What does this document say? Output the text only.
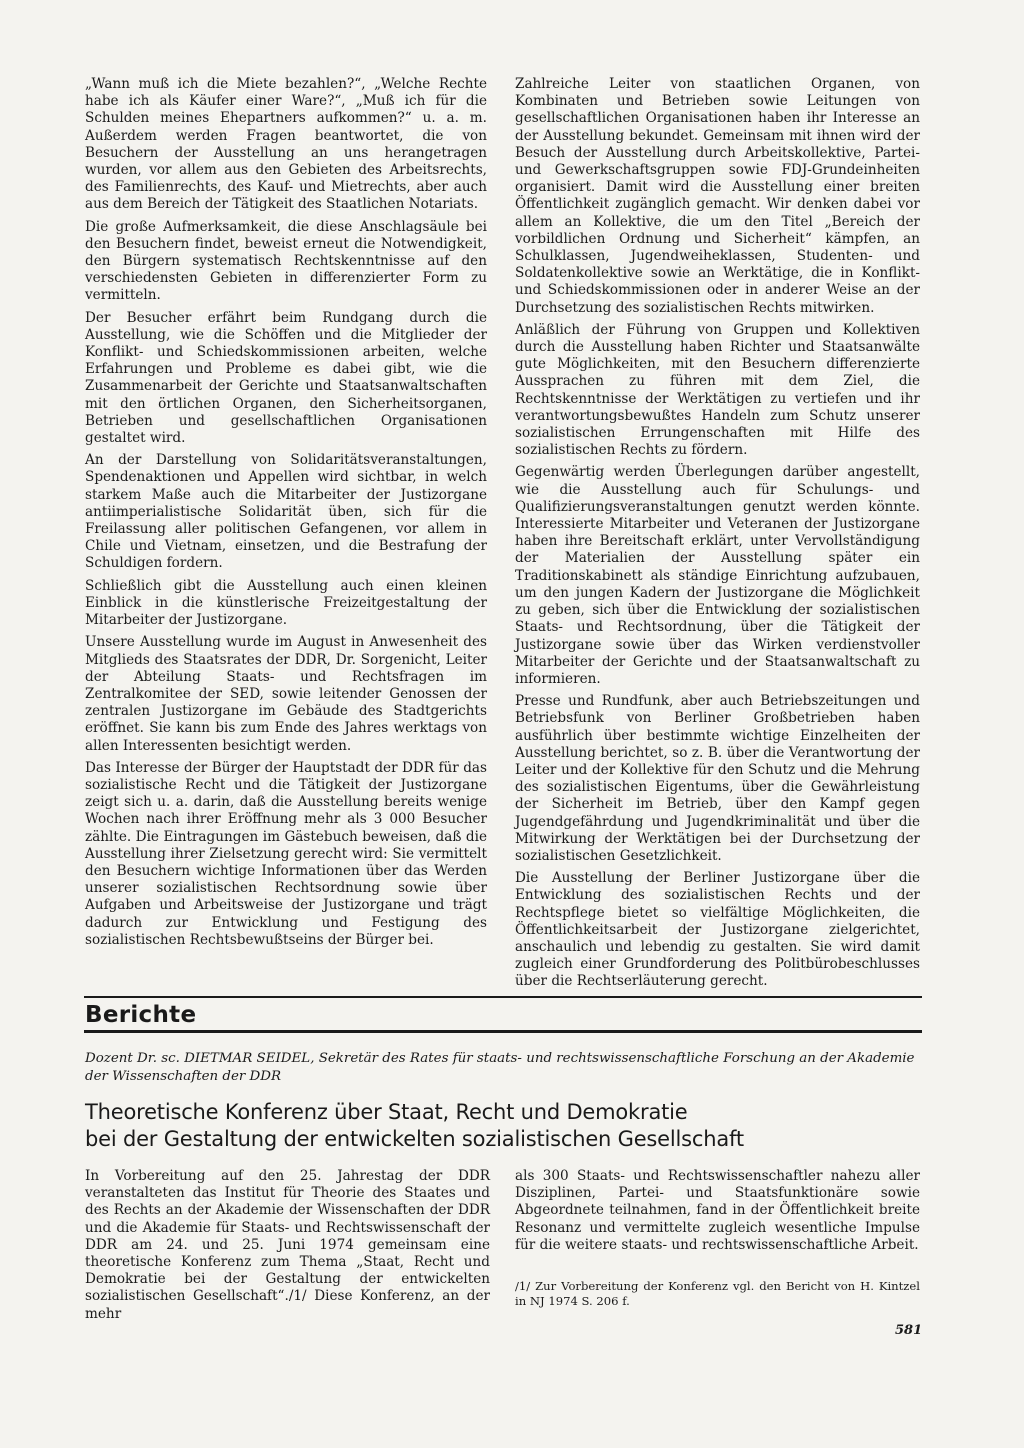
„Wann muß ich die Miete bezahlen?“, „Welche Rechte habe ich als Käufer einer Ware?“, „Muß ich für die Schulden meines Ehepartners aufkommen?“ u. a. m. Außerdem werden Fragen beantwortet, die von Besuchern der Ausstellung an uns herangetragen wurden, vor allem aus den Gebieten des Arbeitsrechts, des Familienrechts, des Kauf- und Mietrechts, aber auch aus dem Bereich der Tätigkeit des Staatlichen Notariats.

Die große Aufmerksamkeit, die diese Anschlagsäule bei den Besuchern findet, beweist erneut die Notwendigkeit, den Bürgern systematisch Rechtskenntnisse auf den verschiedensten Gebieten in differenzierter Form zu vermitteln.

Der Besucher erfährt beim Rundgang durch die Ausstellung, wie die Schöffen und die Mitglieder der Konflikt- und Schiedskommissionen arbeiten, welche Erfahrungen und Probleme es dabei gibt, wie die Zusammenarbeit der Gerichte und Staatsanwaltschaften mit den örtlichen Organen, den Sicherheitsorganen, Betrieben und gesellschaftlichen Organisationen gestaltet wird.

An der Darstellung von Solidaritätsveranstaltungen, Spendenaktionen und Appellen wird sichtbar, in welch starkem Maße auch die Mitarbeiter der Justizorgane antiimperialistische Solidarität üben, sich für die Freilassung aller politischen Gefangenen, vor allem in Chile und Vietnam, einsetzen, und die Bestrafung der Schuldigen fordern.

Schließlich gibt die Ausstellung auch einen kleinen Einblick in die künstlerische Freizeitgestaltung der Mitarbeiter der Justizorgane.

Unsere Ausstellung wurde im August in Anwesenheit des Mitglieds des Staatsrates der DDR, Dr. Sorgenicht, Leiter der Abteilung Staats- und Rechtsfragen im Zentralkomitee der SED, sowie leitender Genossen der zentralen Justizorgane im Gebäude des Stadtgerichts eröffnet. Sie kann bis zum Ende des Jahres werktags von allen Interessenten besichtigt werden.

Das Interesse der Bürger der Hauptstadt der DDR für das sozialistische Recht und die Tätigkeit der Justizorgane zeigt sich u. a. darin, daß die Ausstellung bereits wenige Wochen nach ihrer Eröffnung mehr als 3 000 Besucher zählte. Die Eintragungen im Gästebuch beweisen, daß die Ausstellung ihrer Zielsetzung gerecht wird: Sie vermittelt den Besuchern wichtige Informationen über das Werden unserer sozialistischen Rechtsordnung sowie über Aufgaben und Arbeitsweise der Justizorgane und trägt dadurch zur Entwicklung und Festigung des sozialistischen Rechtsbewußtseins der Bürger bei.

Zahlreiche Leiter von staatlichen Organen, von Kombinaten und Betrieben sowie Leitungen von gesellschaftlichen Organisationen haben ihr Interesse an der Ausstellung bekundet. Gemeinsam mit ihnen wird der Besuch der Ausstellung durch Arbeitskollektive, Partei- und Gewerkschaftsgruppen sowie FDJ-Grundeinheiten organisiert. Damit wird die Ausstellung einer breiten Öffentlichkeit zugänglich gemacht. Wir denken dabei vor allem an Kollektive, die um den Titel „Bereich der vorbildlichen Ordnung und Sicherheit“ kämpfen, an Schulklassen, Jugendweiheklassen, Studenten- und Soldatenkollektive sowie an Werktätige, die in Konflikt- und Schiedskommissionen oder in anderer Weise an der Durchsetzung des sozialistischen Rechts mitwirken.

Anläßlich der Führung von Gruppen und Kollektiven durch die Ausstellung haben Richter und Staatsanwälte gute Möglichkeiten, mit den Besuchern differenzierte Aussprachen zu führen mit dem Ziel, die Rechtskenntnisse der Werktätigen zu vertiefen und ihr verantwortungsbewußtes Handeln zum Schutz unserer sozialistischen Errungenschaften mit Hilfe des sozialistischen Rechts zu fördern.

Gegenwärtig werden Überlegungen darüber angestellt, wie die Ausstellung auch für Schulungs- und Qualifizierungsveranstaltungen genutzt werden könnte. Interessierte Mitarbeiter und Veteranen der Justizorgane haben ihre Bereitschaft erklärt, unter Vervollständigung der Materialien der Ausstellung später ein Traditionskabinett als ständige Einrichtung aufzubauen, um den jungen Kadern der Justizorgane die Möglichkeit zu geben, sich über die Entwicklung der sozialistischen Staats- und Rechtsordnung, über die Tätigkeit der Justizorgane sowie über das Wirken verdienstvoller Mitarbeiter der Gerichte und der Staatsanwaltschaft zu informieren.

Presse und Rundfunk, aber auch Betriebszeitungen und Betriebsfunk von Berliner Großbetrieben haben ausführlich über bestimmte wichtige Einzelheiten der Ausstellung berichtet, so z. B. über die Verantwortung der Leiter und der Kollektive für den Schutz und die Mehrung des sozialistischen Eigentums, über die Gewährleistung der Sicherheit im Betrieb, über den Kampf gegen Jugendgefährdung und Jugendkriminalität und über die Mitwirkung der Werktätigen bei der Durchsetzung der sozialistischen Gesetzlichkeit.

Die Ausstellung der Berliner Justizorgane über die Entwicklung des sozialistischen Rechts und der Rechtspflege bietet so vielfältige Möglichkeiten, die Öffentlichkeitsarbeit der Justizorgane zielgerichtet, anschaulich und lebendig zu gestalten. Sie wird damit zugleich einer Grundforderung des Politbürobeschlusses über die Rechtserläuterung gerecht.

Berichte
Dozent Dr. sc. DIETMAR SEIDEL, Sekretär des Rates für staats- und rechtswissenschaftliche Forschung an der Akademie der Wissenschaften der DDR
Theoretische Konferenz über Staat, Recht und Demokratie
bei der Gestaltung der entwickelten sozialistischen Gesellschaft

In Vorbereitung auf den 25. Jahrestag der DDR veranstalteten das Institut für Theorie des Staates und des Rechts an der Akademie der Wissenschaften der DDR und die Akademie für Staats- und Rechtswissenschaft der DDR am 24. und 25. Juni 1974 gemeinsam eine theoretische Konferenz zum Thema „Staat, Recht und Demokratie bei der Gestaltung der entwickelten sozialistischen Gesellschaft“./1/ Diese Konferenz, an der mehr

als 300 Staats- und Rechtswissenschaftler nahezu aller Disziplinen, Partei- und Staatsfunktionäre sowie Abgeordnete teilnahmen, fand in der Öffentlichkeit breite Resonanz und vermittelte zugleich wesentliche Impulse für die weitere staats- und rechtswissenschaftliche Arbeit.

/1/ Zur Vorbereitung der Konferenz vgl. den Bericht von H. Kintzel in NJ 1974 S. 206 f.
581
